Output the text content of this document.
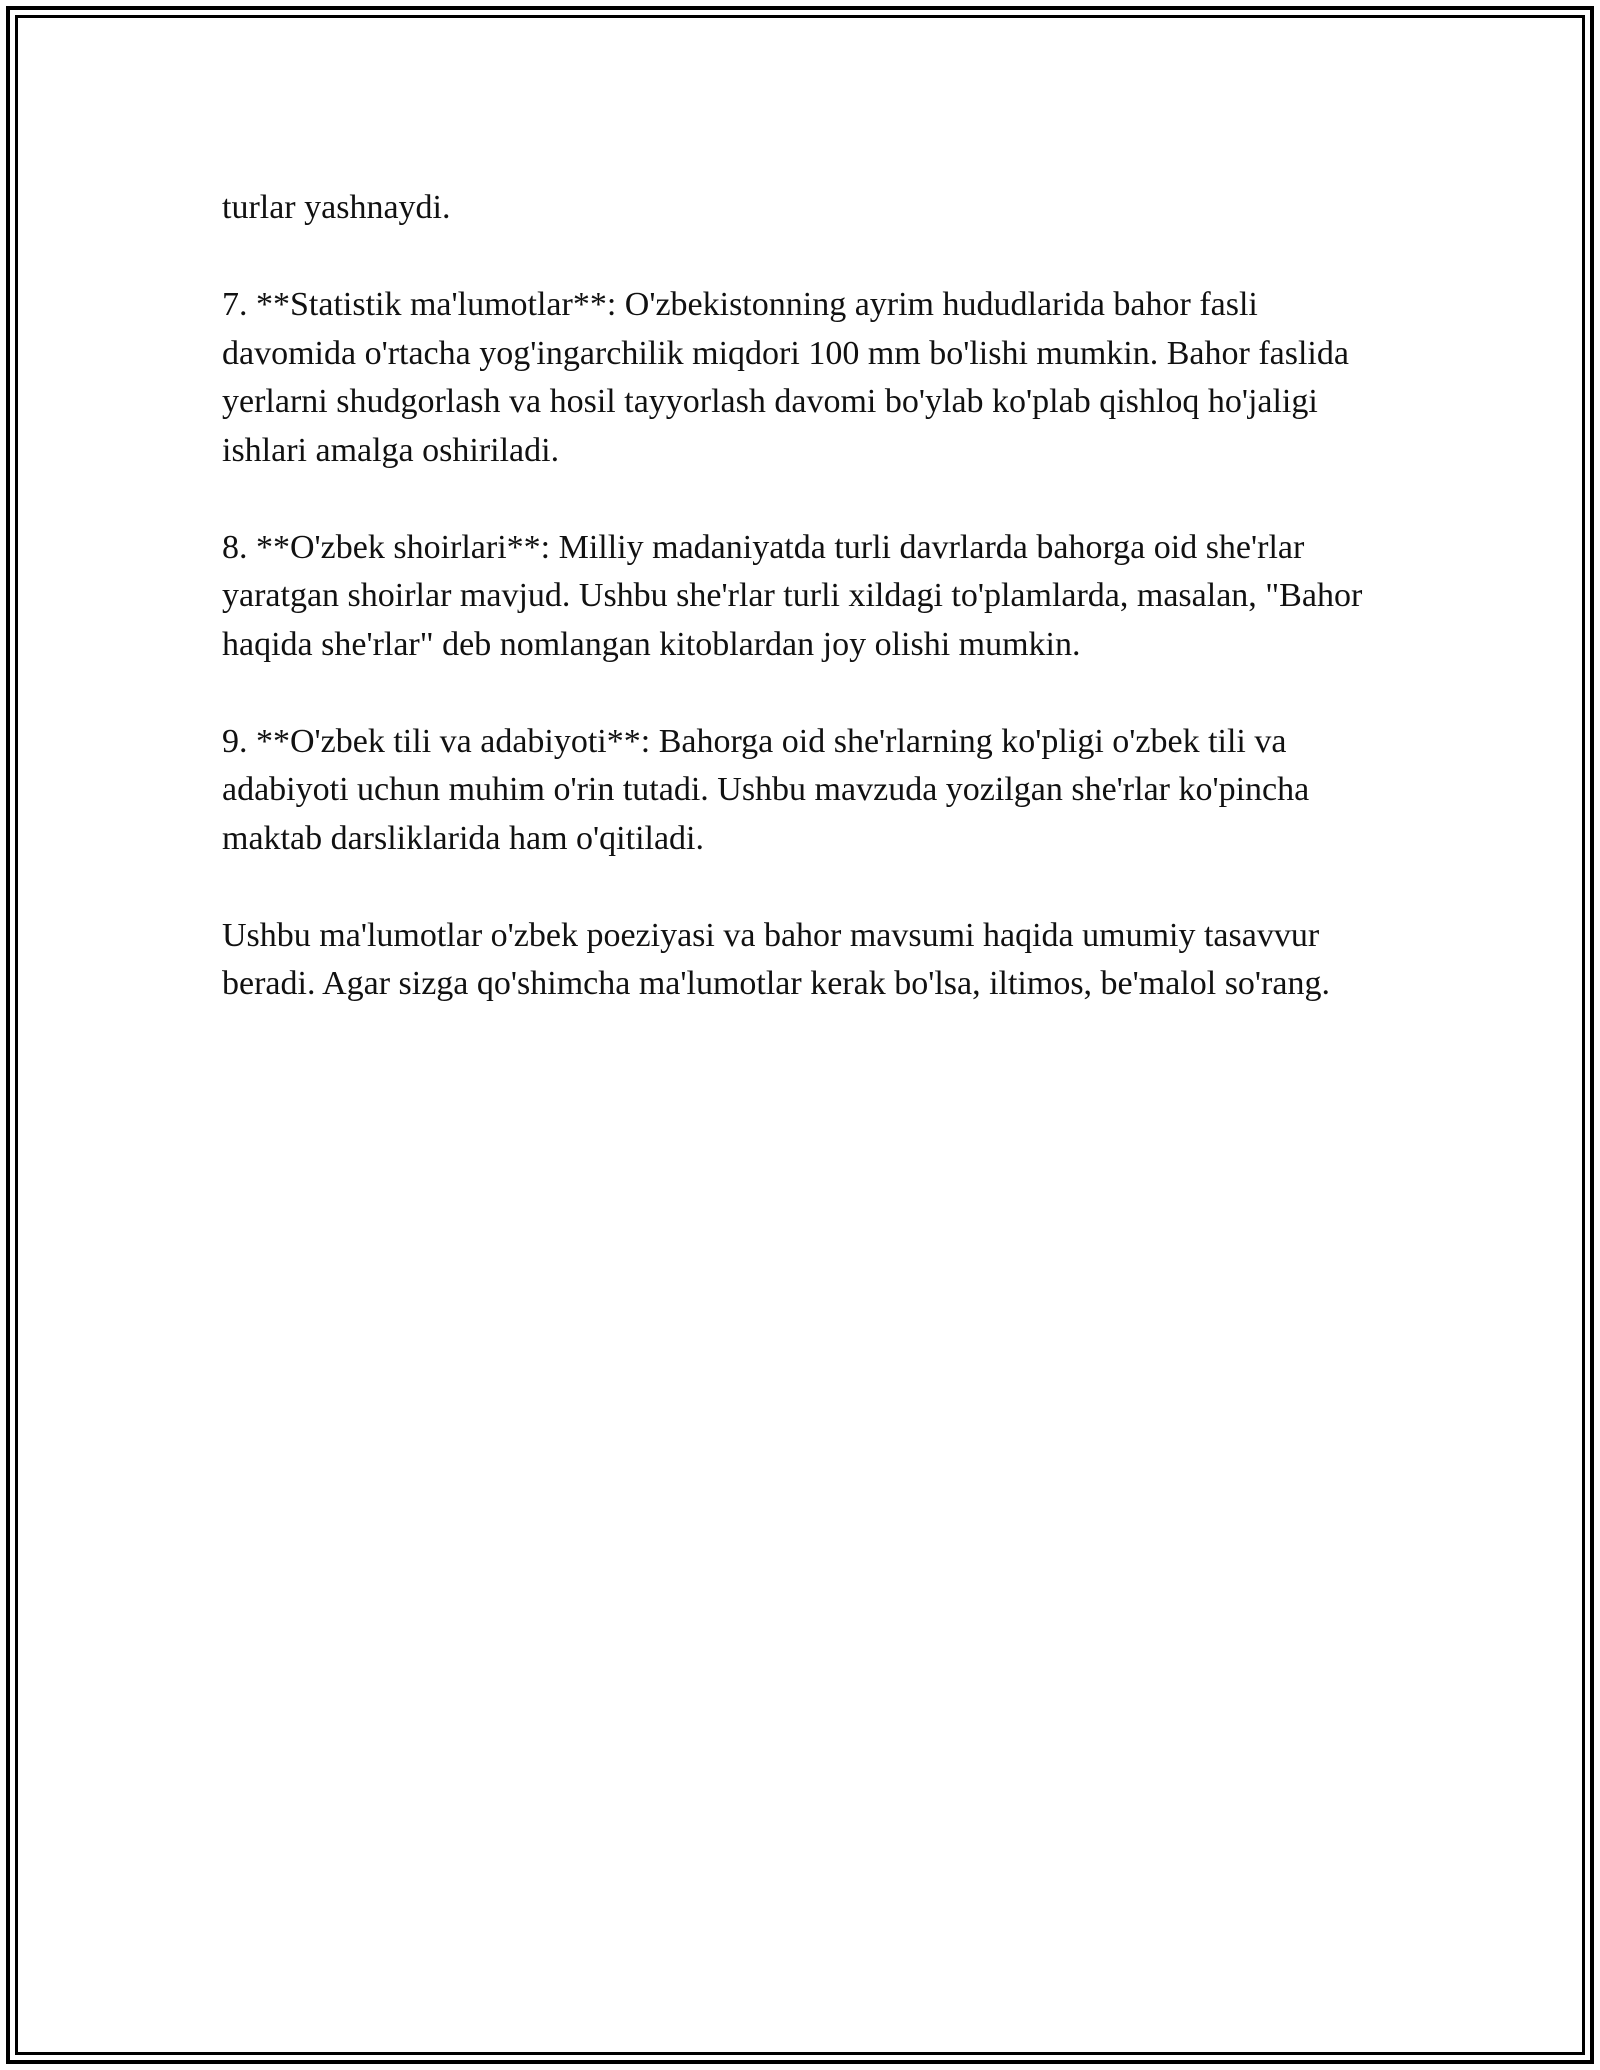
turlar yashnaydi.

7. **Statistik ma'lumotlar**: O'zbekistonning ayrim hududlarida bahor fasli davomida o'rtacha yog'ingarchilik miqdori 100 mm bo'lishi mumkin. Bahor faslida yerlarni shudgorlash va hosil tayyorlash davomi bo'ylab ko'plab qishloq ho'jaligi ishlari amalga oshiriladi.

8. **O'zbek shoirlari**: Milliy madaniyatda turli davrlarda bahorga oid she'rlar yaratgan shoirlar mavjud. Ushbu she'rlar turli xildagi to'plamlarda, masalan, "Bahor haqida she'rlar" deb nomlangan kitoblardan joy olishi mumkin.

9. **O'zbek tili va adabiyoti**: Bahorga oid she'rlarning ko'pligi o'zbek tili va adabiyoti uchun muhim o'rin tutadi. Ushbu mavzuda yozilgan she'rlar ko'pincha maktab darsliklarida ham o'qitiladi.

Ushbu ma'lumotlar o'zbek poeziyasi va bahor mavsumi haqida umumiy tasavvur beradi. Agar sizga qo'shimcha ma'lumotlar kerak bo'lsa, iltimos, be'malol so'rang.
